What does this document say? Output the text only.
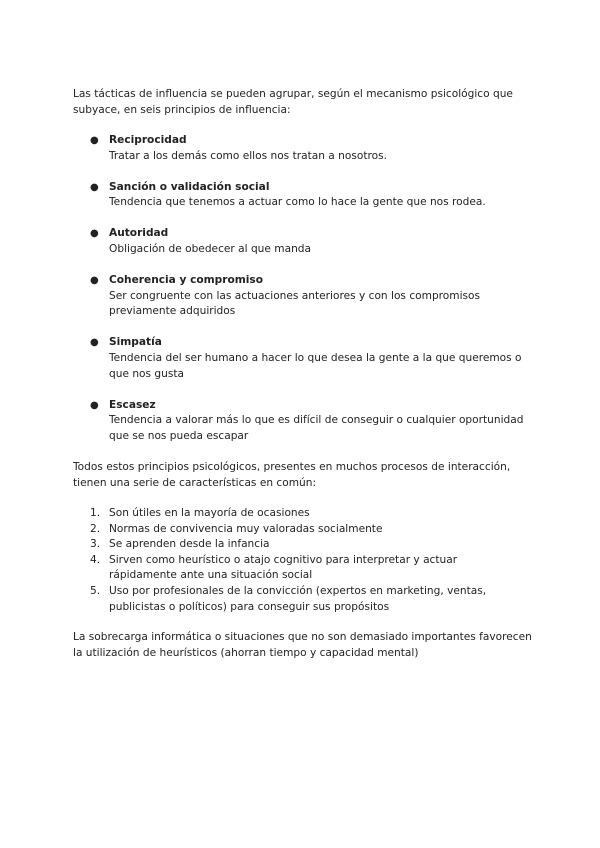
Las tácticas de influencia se pueden agrupar, según el mecanismo psicológico que subyace, en seis principios de influencia:

● Reciprocidad
Tratar a los demás como ellos nos tratan a nosotros.
● Sanción o validación social
Tendencia que tenemos a actuar como lo hace la gente que nos rodea.
● Autoridad
Obligación de obedecer al que manda
● Coherencia y compromiso
Ser congruente con las actuaciones anteriores y con los compromisos previamente adquiridos
● Simpatía
Tendencia del ser humano a hacer lo que desea la gente a la que queremos o que nos gusta
● Escasez
Tendencia a valorar más lo que es difícil de conseguir o cualquier oportunidad que se nos pueda escapar

Todos estos principios psicológicos, presentes en muchos procesos de interacción, tienen una serie de características en común:

1. Son útiles en la mayoría de ocasiones
2. Normas de convivencia muy valoradas socialmente
3. Se aprenden desde la infancia
4. Sirven como heurístico o atajo cognitivo para interpretar y actuar rápidamente ante una situación social
5. Uso por profesionales de la convicción (expertos en marketing, ventas, publicistas o políticos) para conseguir sus propósitos

La sobrecarga informática o situaciones que no son demasiado importantes favorecen la utilización de heurísticos (ahorran tiempo y capacidad mental)
